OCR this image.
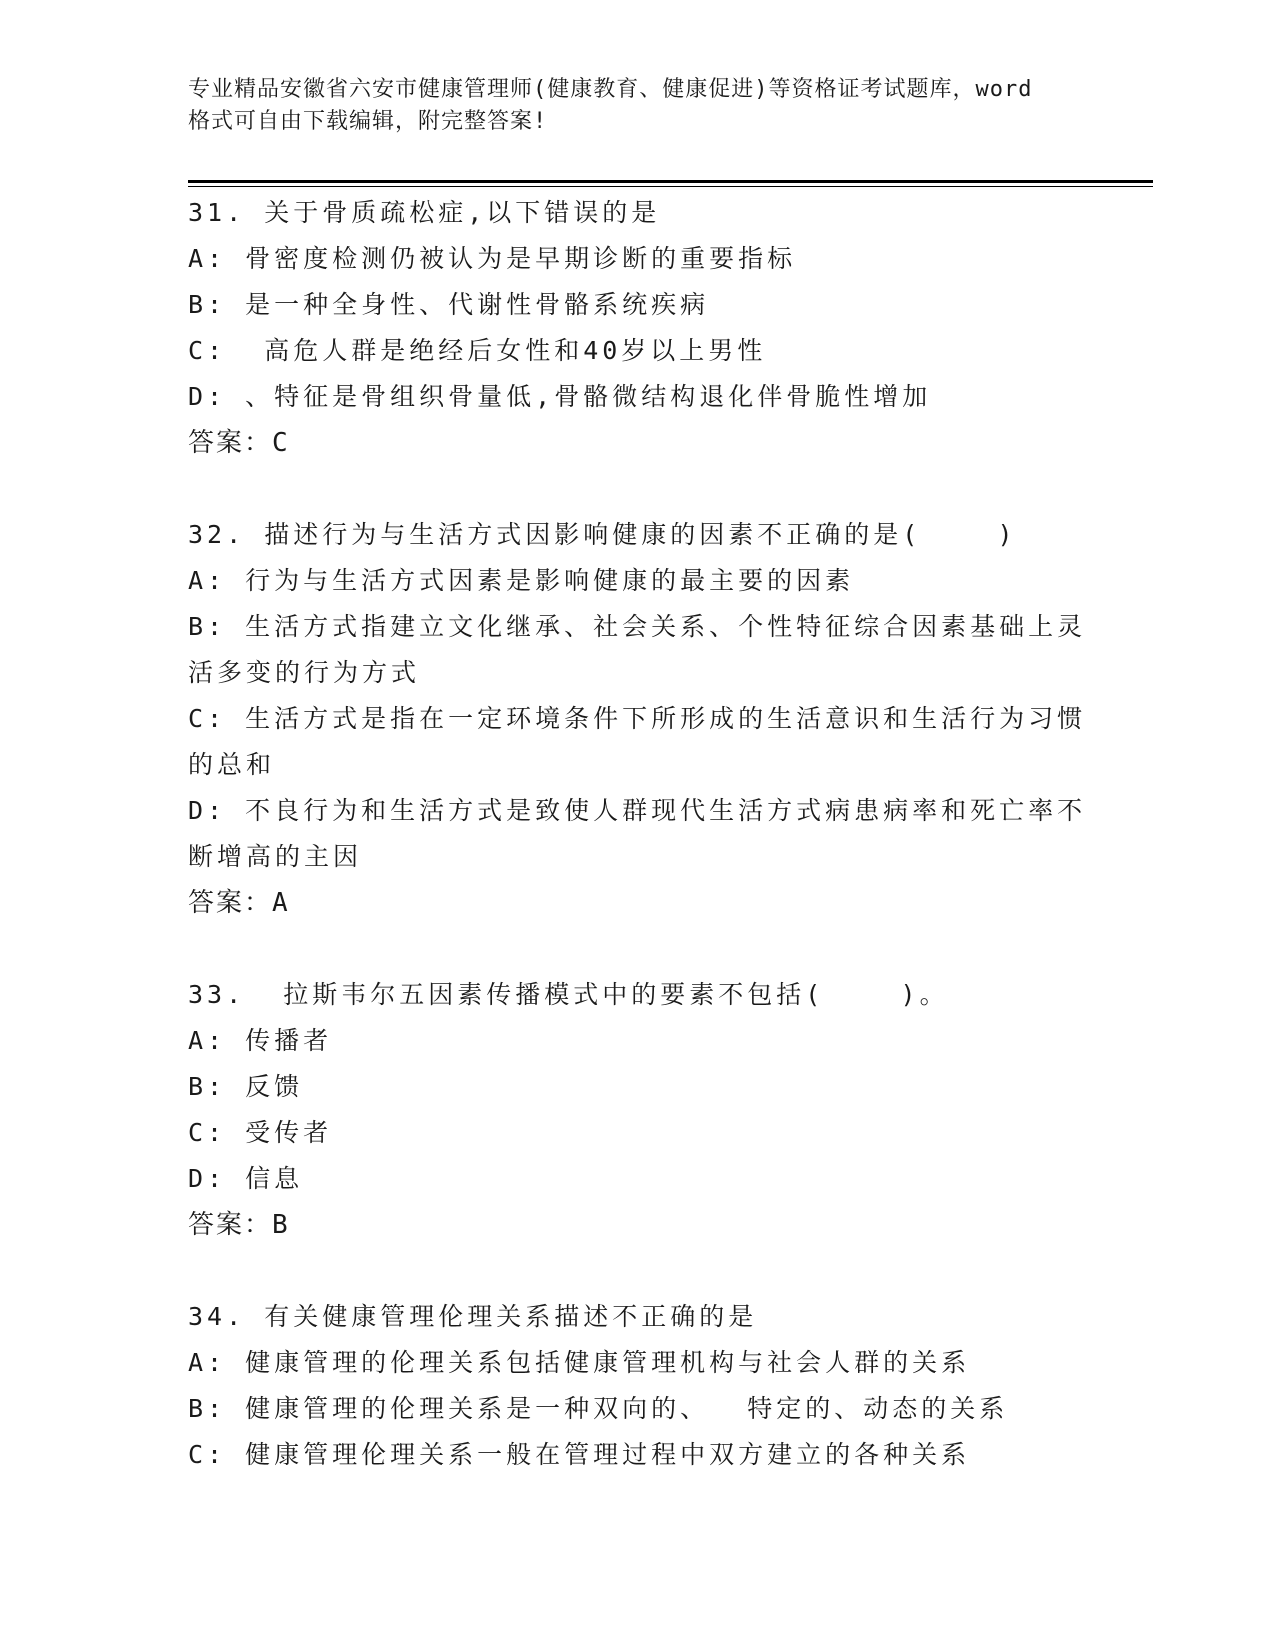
专业精品安徽省六安市健康管理师(健康教育、健康促进)等资格证考试题库，word
格式可自由下载编辑，附完整答案!
31. 关于骨质疏松症,以下错误的是
A: 骨密度检测仍被认为是早期诊断的重要指标
B: 是一种全身性、代谢性骨骼系统疾病
C:  高危人群是绝经后女性和40岁以上男性
D: 、特征是骨组织骨量低,骨骼微结构退化伴骨脆性增加
答案：C
32. 描述行为与生活方式因影响健康的因素不正确的是(    )
A: 行为与生活方式因素是影响健康的最主要的因素
B: 生活方式指建立文化继承、社会关系、个性特征综合因素基础上灵
活多变的行为方式
C: 生活方式是指在一定环境条件下所形成的生活意识和生活行为习惯
的总和
D: 不良行为和生活方式是致使人群现代生活方式病患病率和死亡率不
断增高的主因
答案：A
33.  拉斯韦尔五因素传播模式中的要素不包括(    )。
A: 传播者
B: 反馈
C: 受传者
D: 信息
答案：B
34. 有关健康管理伦理关系描述不正确的是
A: 健康管理的伦理关系包括健康管理机构与社会人群的关系
B: 健康管理的伦理关系是一种双向的、  特定的、动态的关系
C: 健康管理伦理关系一般在管理过程中双方建立的各种关系
